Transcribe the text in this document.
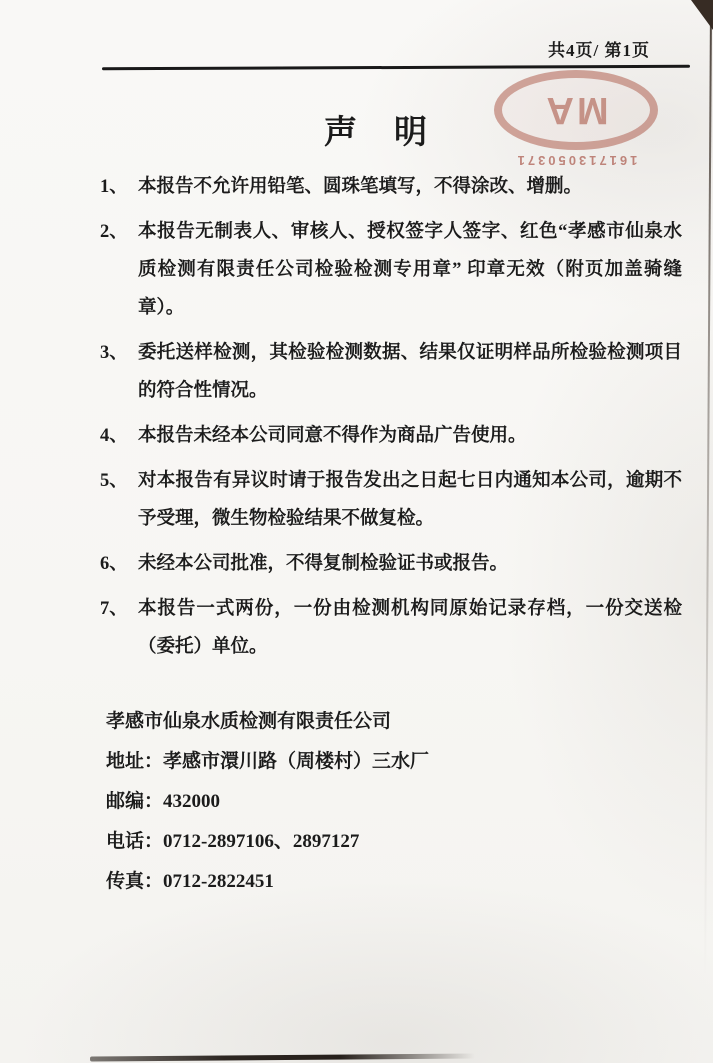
共4页/ 第1页
161713050371
MA
声　明
1、 本报告不允许用铅笔、圆珠笔填写，不得涂改、增删。
2、 本报告无制表人、审核人、授权签字人签字、红色“孝感市仙泉水质检测有限责任公司检验检测专用章” 印章无效（附页加盖骑缝章）。
3、 委托送样检测，其检验检测数据、结果仅证明样品所检验检测项目的符合性情况。
4、 本报告未经本公司同意不得作为商品广告使用。
5、 对本报告有异议时请于报告发出之日起七日内通知本公司，逾期不予受理，微生物检验结果不做复检。
6、 未经本公司批准，不得复制检验证书或报告。
7、 本报告一式两份，一份由检测机构同原始记录存档，一份交送检（委托）单位。
孝感市仙泉水质检测有限责任公司
地址：孝感市澴川路（周楼村）三水厂
邮编：432000
电话：0712-2897106、2897127
传真：0712-2822451
